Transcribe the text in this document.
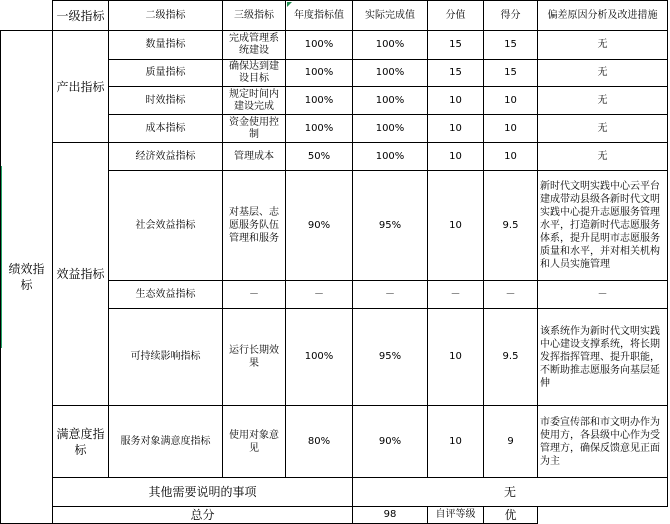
	一级指标	二级指标	三级指标	年度指标值	实际完成值	分值	得分	偏差原因分析及改进措施
绩效指标	产出指标	数量指标	完成管理系统建设	100%	100%	15	15	无
		质量指标	确保达到建设目标	100%	100%	15	15	无
		时效指标	规定时间内建设完成	100%	100%	10	10	无
		成本指标	资金使用控制	100%	100%	10	10	无
	效益指标	经济效益指标	管理成本	50%	100%	10	10	无
		社会效益指标	对基层、志愿服务队伍管理和服务	90%	95%	10	9.5	新时代文明实践中心云平台建成带动县级各新时代文明实践中心提升志愿服务管理水平，打造新时代志愿服务体系，提升昆明市志愿服务质量和水平，并对相关机构和人员实施管理
		生态效益指标	－	－	－	－	－	－
		可持续影响指标	运行长期效果	100%	95%	10	9.5	该系统作为新时代文明实践中心建设支撑系统，将长期发挥指挥管理、提升职能，不断助推志愿服务向基层延伸
	满意度指标	服务对象满意度指标	使用对象意见	80%	90%	10	9	市委宣传部和市文明办作为使用方，各县级中心作为受管理方，确保反馈意见正面为主
	其他需要说明的事项				无			
	总分				98	自评等级	优	
